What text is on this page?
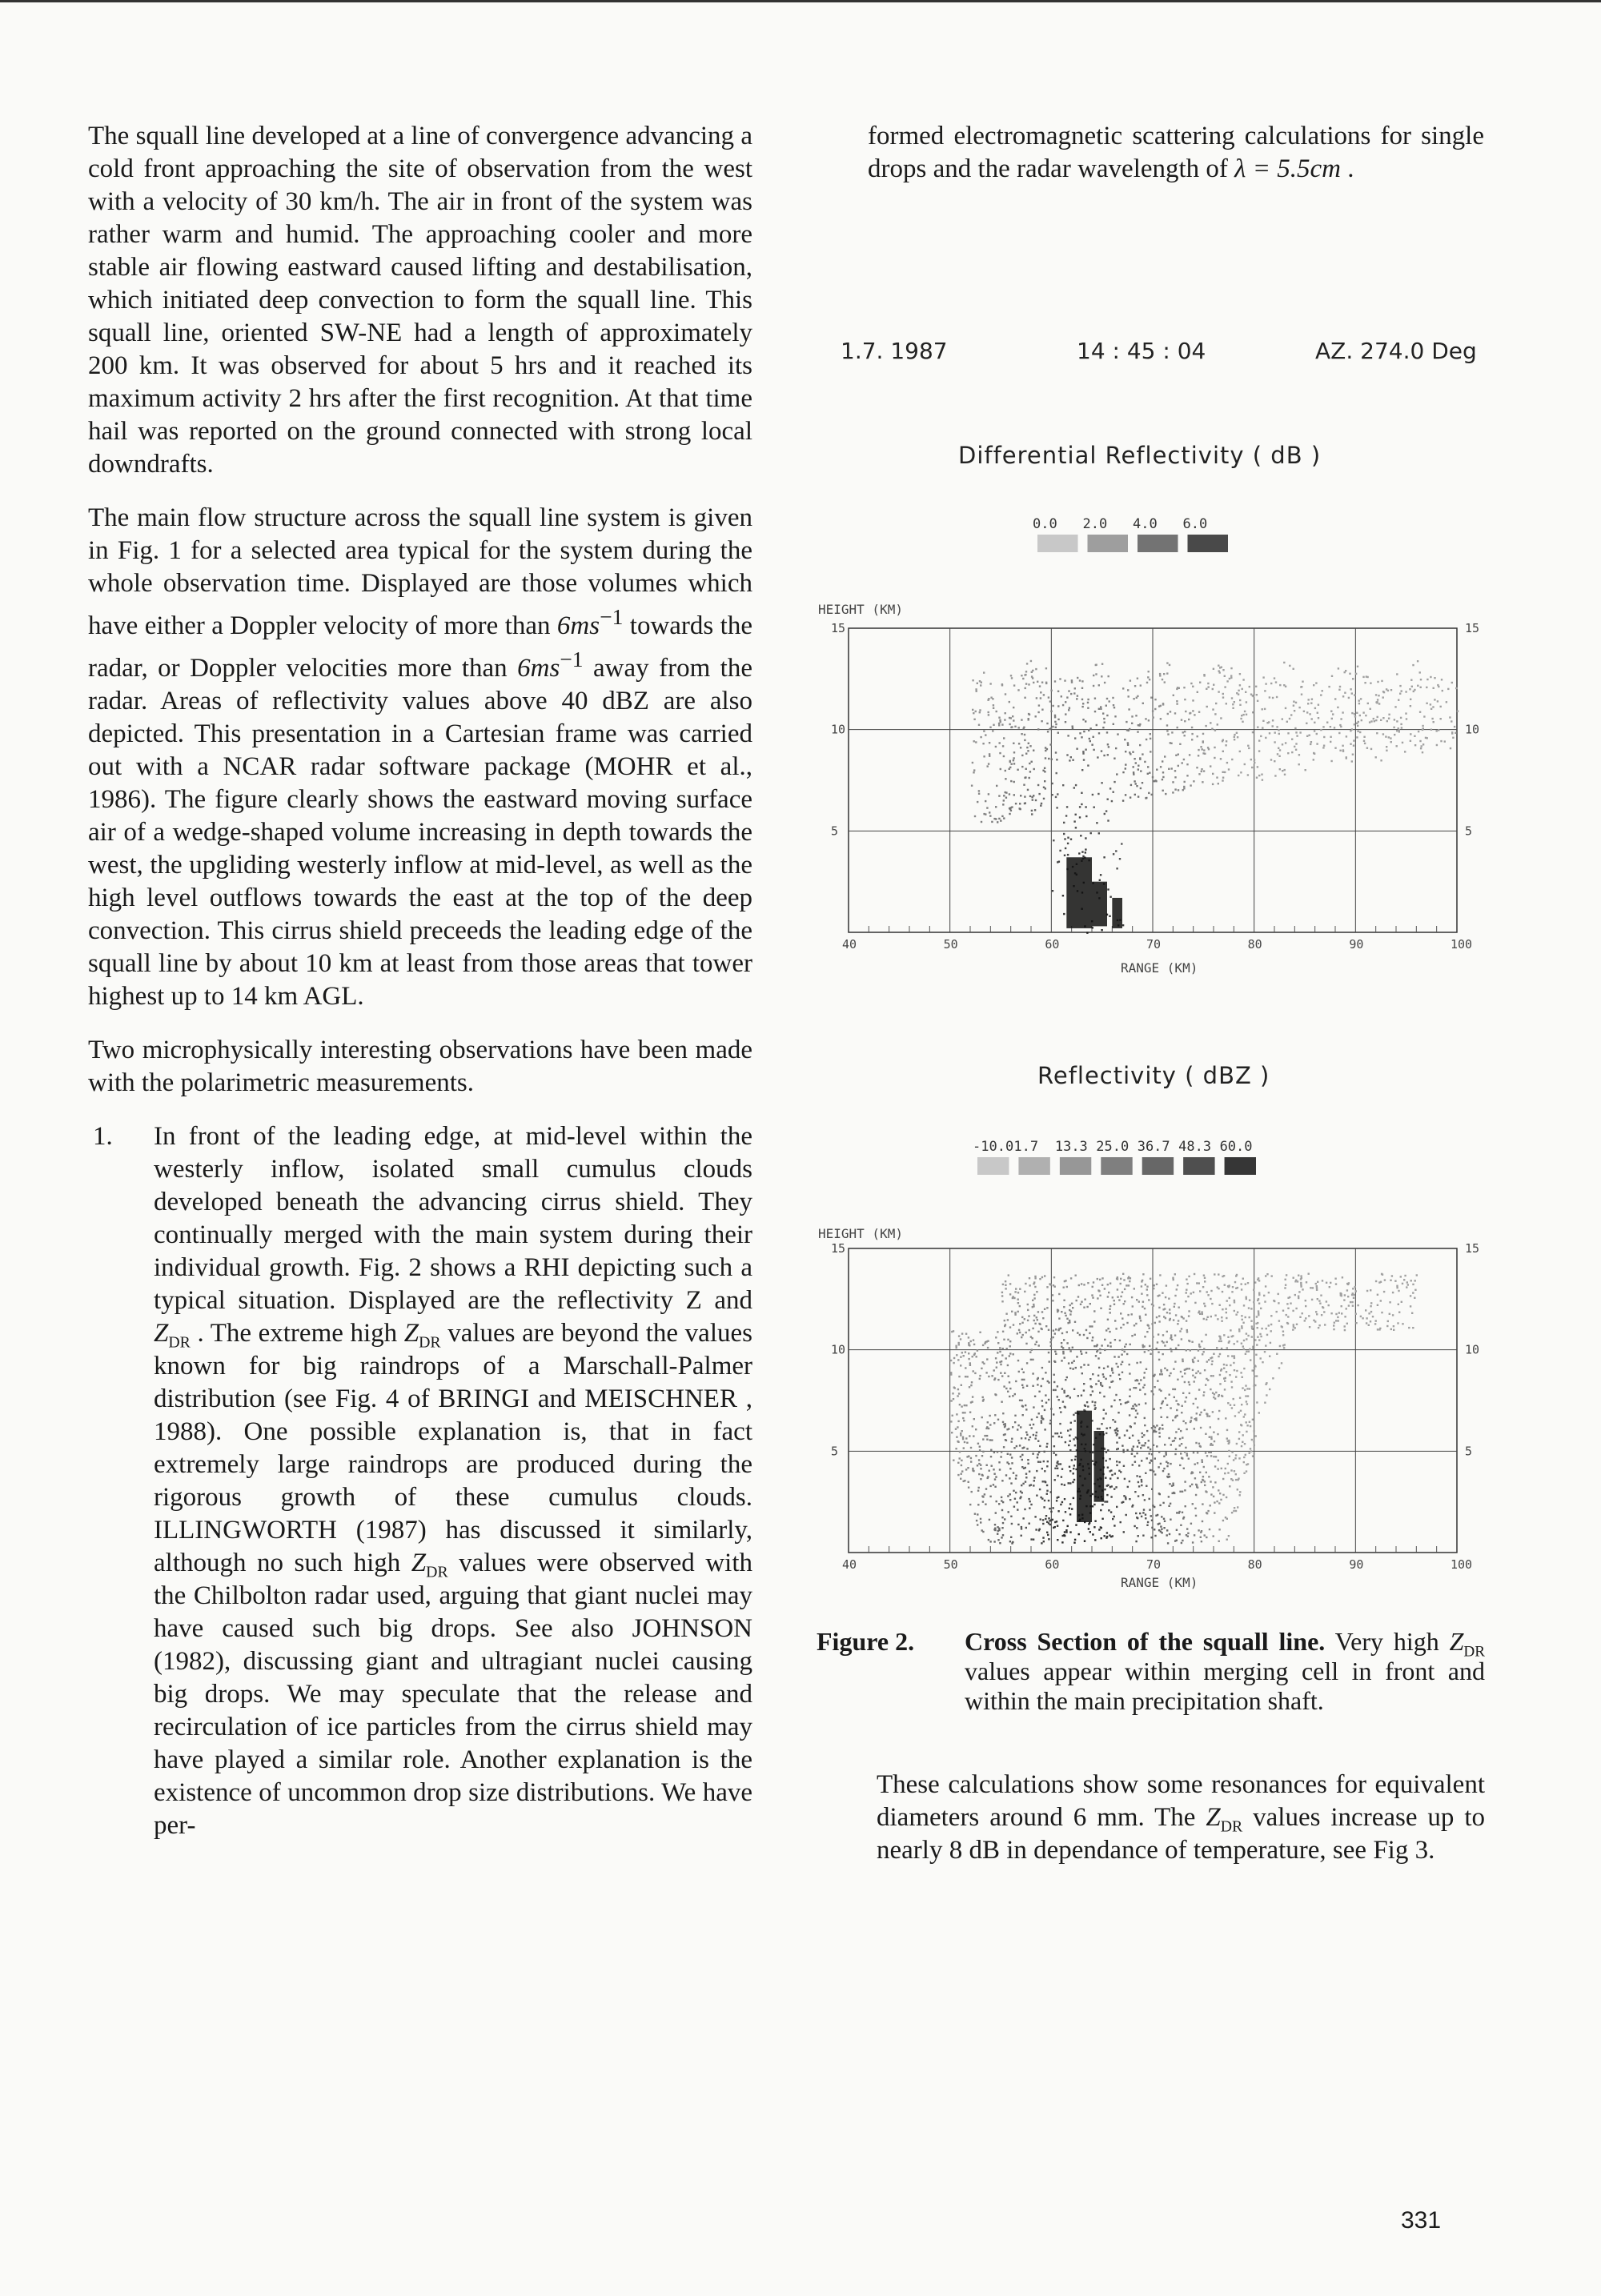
The squall line developed at a line of convergence advancing a cold front approaching the site of observation from the west with a velocity of 30 km/h. The air in front of the system was rather warm and humid. The approaching cooler and more stable air flowing eastward caused lifting and destabilisation, which initiated deep convection to form the squall line. This squall line, oriented SW-NE had a length of approximately 200 km. It was observed for about 5 hrs and it reached its maximum activity 2 hrs after the first recognition. At that time hail was reported on the ground connected with strong local downdrafts.

The main flow structure across the squall line system is given in Fig. 1 for a selected area typical for the system during the whole observation time. Displayed are those volumes which have either a Doppler velocity of more than $6ms^{-1}$ towards the radar, or Doppler velocities more than $6ms^{-1}$ away from the radar. Areas of reflectivity values above 40 dBZ are also depicted. This presentation in a Cartesian frame was carried out with a NCAR radar software package (MOHR et al., 1986). The figure clearly shows the eastward moving surface air of a wedge-shaped volume increasing in depth towards the west, the upgliding westerly inflow at mid-level, as well as the high level outflows towards the east at the top of the deep convection. This cirrus shield preceeds the leading edge of the squall line by about 10 km at least from those areas that tower highest up to 14 km AGL.

Two microphysically interesting observations have been made with the polarimetric measurements.

1. In front of the leading edge, at mid-level within the westerly inflow, isolated small cumulus clouds developed beneath the advancing cirrus shield. They continually merged with the main system during their individual growth. Fig. 2 shows a RHI depicting such a typical situation. Displayed are the reflectivity Z and $Z_{DR}$ . The extreme high $Z_{DR}$ values are beyond the values known for big raindrops of a Marschall-Palmer distribution (see Fig. 4 of BRINGI and MEISCHNER , 1988). One possible explanation is, that in fact extremely large raindrops are produced during the rigorous growth of these cumulus clouds. ILLINGWORTH (1987) has discussed it similarly, although no such high $Z_{DR}$ values were observed with the Chilbolton radar used, arguing that giant nuclei may have caused such big drops. See also JOHNSON (1982), discussing giant and ultragiant nuclei causing big drops. We may speculate that the release and recirculation of ice particles from the cirrus shield may have played a similar role. Another explanation is the existence of uncommon drop size distributions. We have per-

formed electromagnetic scattering calculations for single drops and the radar wavelength of λ = 5.5cm .

1.7. 1987	14 : 45 : 04	AZ. 274.0 Deg
Differential Reflectivity ( dB )
Reflectivity ( dBZ )
HEIGHT (KM)
HEIGHT (KM)
RANGE (KM)
RANGE (KM)
0.0 2.0 4.0 6.0
40	50	60	70	80	90	100
15
10
5
15
10
5
-10.0 1.7 13.3 25.0 36.7 48.3 60.0
40	50	60	70	80	90	100
15
10
5
15
10
5
Figure 2. Cross Section of the squall line. Very high $Z_{DR}$ values appear within merging cell in front and within the main precipitation shaft.

These calculations show some resonances for equivalent diameters around 6 mm. The $Z_{DR}$ values increase up to nearly 8 dB in dependance of temperature, see Fig 3.

331
